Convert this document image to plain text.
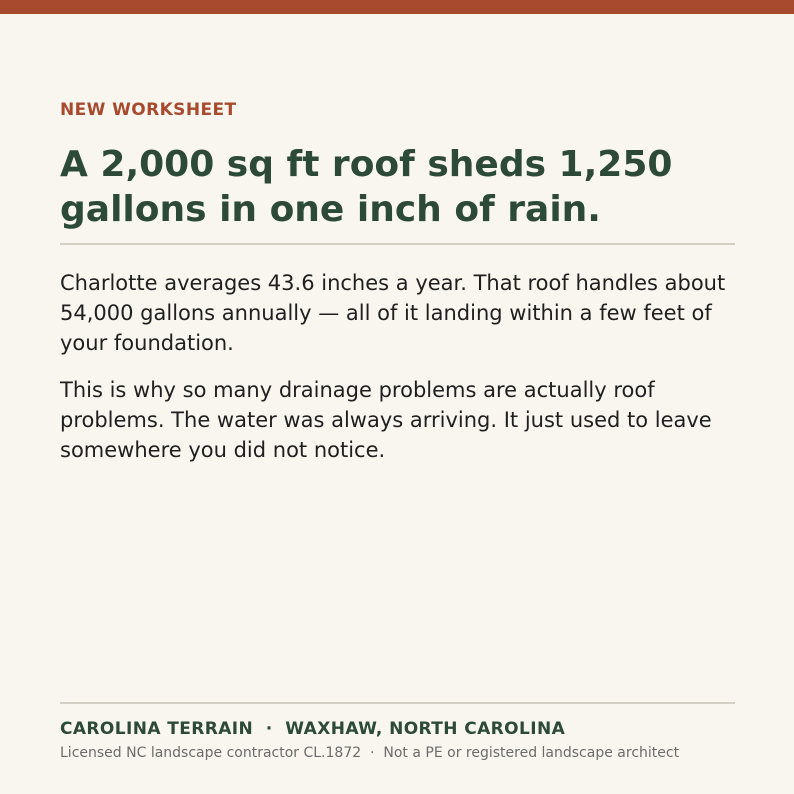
NEW WORKSHEET
A 2,000 sq ft roof sheds 1,250 gallons in one inch of rain.

Charlotte averages 43.6 inches a year. That roof handles about 54,000 gallons annually — all of it landing within a few feet of your foundation.

This is why so many drainage problems are actually roof problems. The water was always arriving. It just used to leave somewhere you did not notice.

CAROLINA TERRAIN  ·  WAXHAW, NORTH CAROLINA
Licensed NC landscape contractor CL.1872  ·  Not a PE or registered landscape architect
